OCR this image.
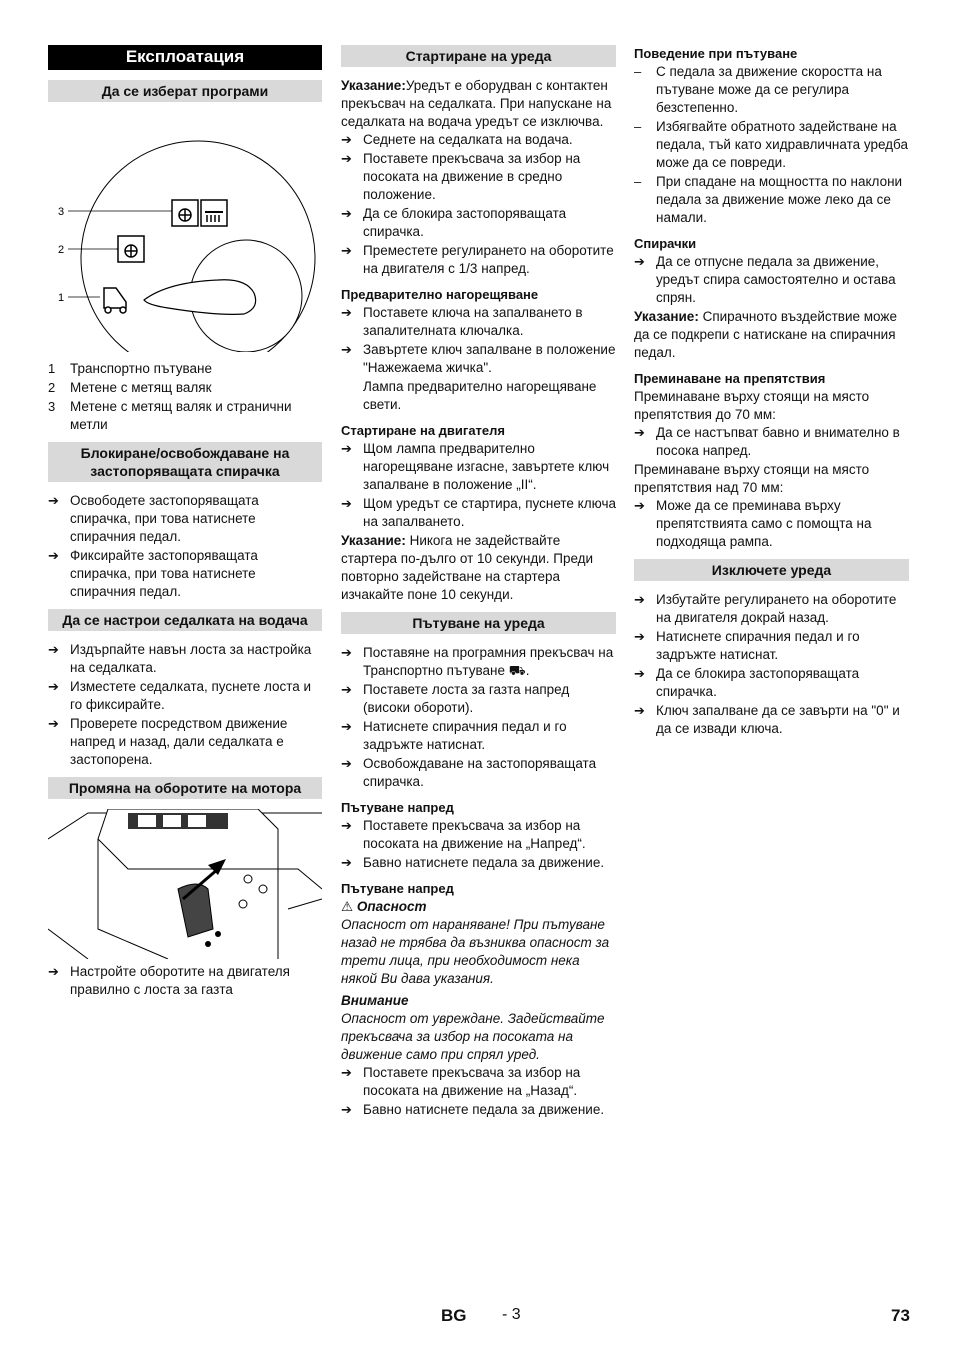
Експлоатация
Да се изберат програми
3
2
1
1 Транспортно пътуване
2 Метене с метящ валяк
3 Метене с метящ валяк и странични метли
Блокиране/освобождаване на застопоряващата спирачка
➔ Освободете застопоряващата спирачка, при това натиснете спирачния педал.
➔ Фиксирайте застопоряващата спирачка, при това натиснете спирачния педал.
Да се настрои седалката на водача
➔ Издърпайте навън лоста за настройка на седалката.
➔ Изместете седалката, пуснете лоста и го фиксирайте.
➔ Проверете посредством движение напред и назад, дали седалката е застопорена.
Промяна на оборотите на мотора
➔ Настройте оборотите на двигателя правилно с лоста за газта
Стартиране на уреда

Указание:Уредът е оборудван с контактен прекъсвач на седалката. При напускане на седалката на водача уредът се изключва.

➔ Седнете на седалката на водача.
➔ Поставете прекъсвача за избор на посоката на движение в средно положение.
➔ Да се блокира застопоряващата спирачка.
➔ Преместете регулирането на оборотите на двигателя с 1/3 напред.
Предварително нагорещяване
➔ Поставете ключа на запалването в запалителната ключалка.
➔ Завъртете ключ запалване в положение "Нажежаема жичка".

Лампа предварително нагорещяване свети.

Стартиране на двигателя
➔ Щом лампа предварително нагорещяване изгасне, завъртете ключ запалване в положение „II“.
➔ Щом уредът се стартира, пуснете ключа на запалването.

Указание: Никога не задействайте стартера по-дълго от 10 секунди. Преди повторно задействане на стартера изчакайте поне 10 секунди.

Пътуване на уреда
➔ Поставяне на програмния прекъсвач на Транспортно пътуване ⛟.
➔ Поставете лоста за газта напред (високи обороти).
➔ Натиснете спирачния педал и го задръжте натиснат.
➔ Освобождаване на застопоряващата спирачка.
Пътуване напред
➔ Поставете прекъсвача за избор на посоката на движение на „Напред“.
➔ Бавно натиснете педала за движение.
Пътуване напред

⚠ Опасност

Опасност от нараняване! При пътуване назад не трябва да възниква опасност за трети лица, при необходимост нека някой Ви дава указания.

Внимание

Опасност от увреждане. Задействайте прекъсвача за избор на посоката на движение само при спрял уред.

➔ Поставете прекъсвача за избор на посоката на движение на „Назад“.
➔ Бавно натиснете педала за движение.
Поведение при пътуване
– С педала за движение скоростта на пътуване може да се регулира безстепенно.
– Избягвайте обратното задействане на педала, тъй като хидравличната уредба може да се повреди.
– При спадане на мощността по наклони педала за движение може леко да се намали.
Спирачки
➔ Да се отпусне педала за движение, уредът спира самостоятелно и остава спрян.

Указание: Спирачното въздействие може да се подкрепи с натискане на спирачния педал.

Преминаване на препятствия

Преминаване върху стоящи на място препятствия до 70 мм:

➔ Да се настъпват бавно и внимателно в посока напред.

Преминаване върху стоящи на място препятствия над 70 мм:

➔ Може да се преминава върху препятствията само с помощта на подходяща рампа.
Изключете уреда
➔ Избутайте регулирането на оборотите на двигателя докрай назад.
➔ Натиснете спирачния педал и го задръжте натиснат.
➔ Да се блокира застопоряващата спирачка.
➔ Ключ запалване да се завърти на "0" и да се извади ключа.
BG - 3	73
